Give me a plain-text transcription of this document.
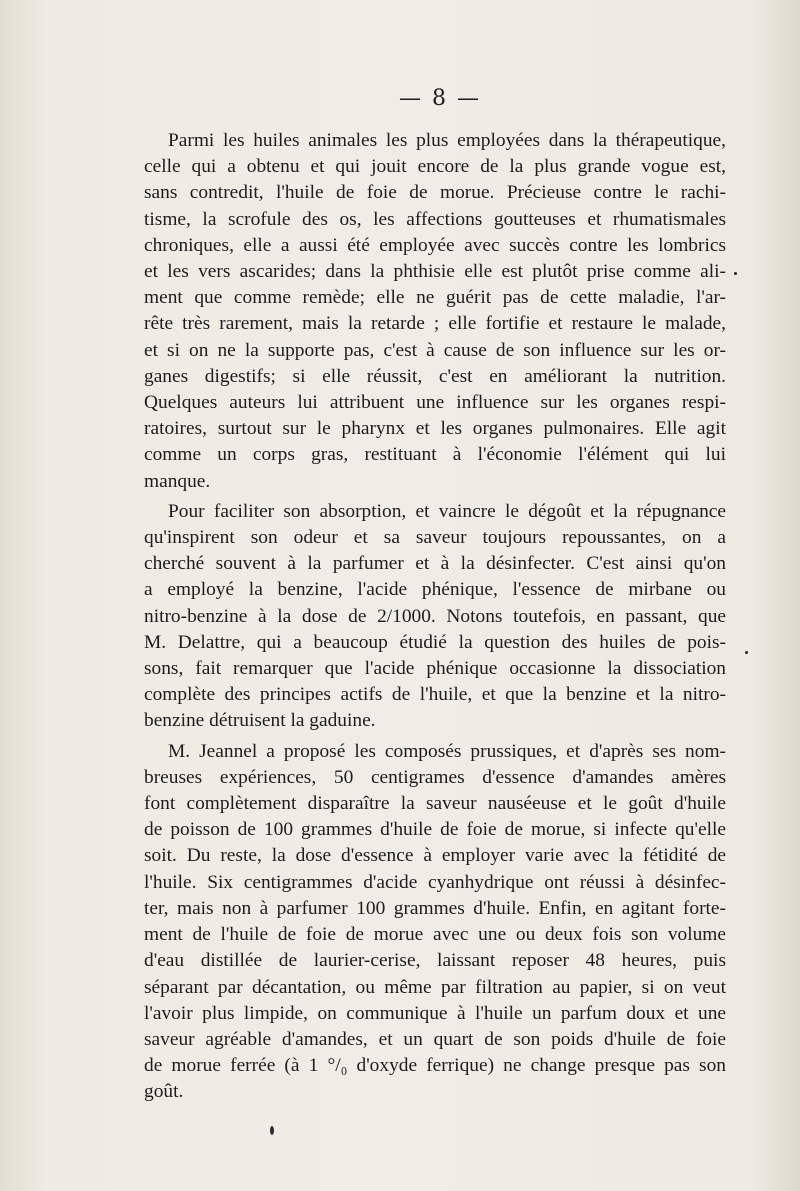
— 8 —

Parmi les huiles animales les plus employées dans la thérapeutique,
celle qui a obtenu et qui jouit encore de la plus grande vogue est,
sans contredit, l'huile de foie de morue. Précieuse contre le rachi-
tisme, la scrofule des os, les affections goutteuses et rhumatismales
chroniques, elle a aussi été employée avec succès contre les lombrics
et les vers ascarides; dans la phthisie elle est plutôt prise comme ali-
ment que comme remède; elle ne guérit pas de cette maladie, l'ar-
rête très rarement, mais la retarde ; elle fortifie et restaure le malade,
et si on ne la supporte pas, c'est à cause de son influence sur les or-
ganes digestifs; si elle réussit, c'est en améliorant la nutrition.
Quelques auteurs lui attribuent une influence sur les organes respi-
ratoires, surtout sur le pharynx et les organes pulmonaires. Elle agit
comme un corps gras, restituant à l'économie l'élément qui lui
manque.

Pour faciliter son absorption, et vaincre le dégoût et la répugnance
qu'inspirent son odeur et sa saveur toujours repoussantes, on a
cherché souvent à la parfumer et à la désinfecter. C'est ainsi qu'on
a employé la benzine, l'acide phénique, l'essence de mirbane ou
nitro-benzine à la dose de 2/1000. Notons toutefois, en passant, que
M. Delattre, qui a beaucoup étudié la question des huiles de pois-
sons, fait remarquer que l'acide phénique occasionne la dissociation
complète des principes actifs de l'huile, et que la benzine et la nitro-
benzine détruisent la gaduine.

M. Jeannel a proposé les composés prussiques, et d'après ses nom-
breuses expériences, 50 centigrames d'essence d'amandes amères
font complètement disparaître la saveur nauséeuse et le goût d'huile
de poisson de 100 grammes d'huile de foie de morue, si infecte qu'elle
soit. Du reste, la dose d'essence à employer varie avec la fétidité de
l'huile. Six centigrammes d'acide cyanhydrique ont réussi à désinfec-
ter, mais non à parfumer 100 grammes d'huile. Enfin, en agitant forte-
ment de l'huile de foie de morue avec une ou deux fois son volume
d'eau distillée de laurier-cerise, laissant reposer 48 heures, puis
séparant par décantation, ou même par filtration au papier, si on veut
l'avoir plus limpide, on communique à l'huile un parfum doux et une
saveur agréable d'amandes, et un quart de son poids d'huile de foie
de morue ferrée (à 1 °/₀ d'oxyde ferrique) ne change presque pas son
goût.
